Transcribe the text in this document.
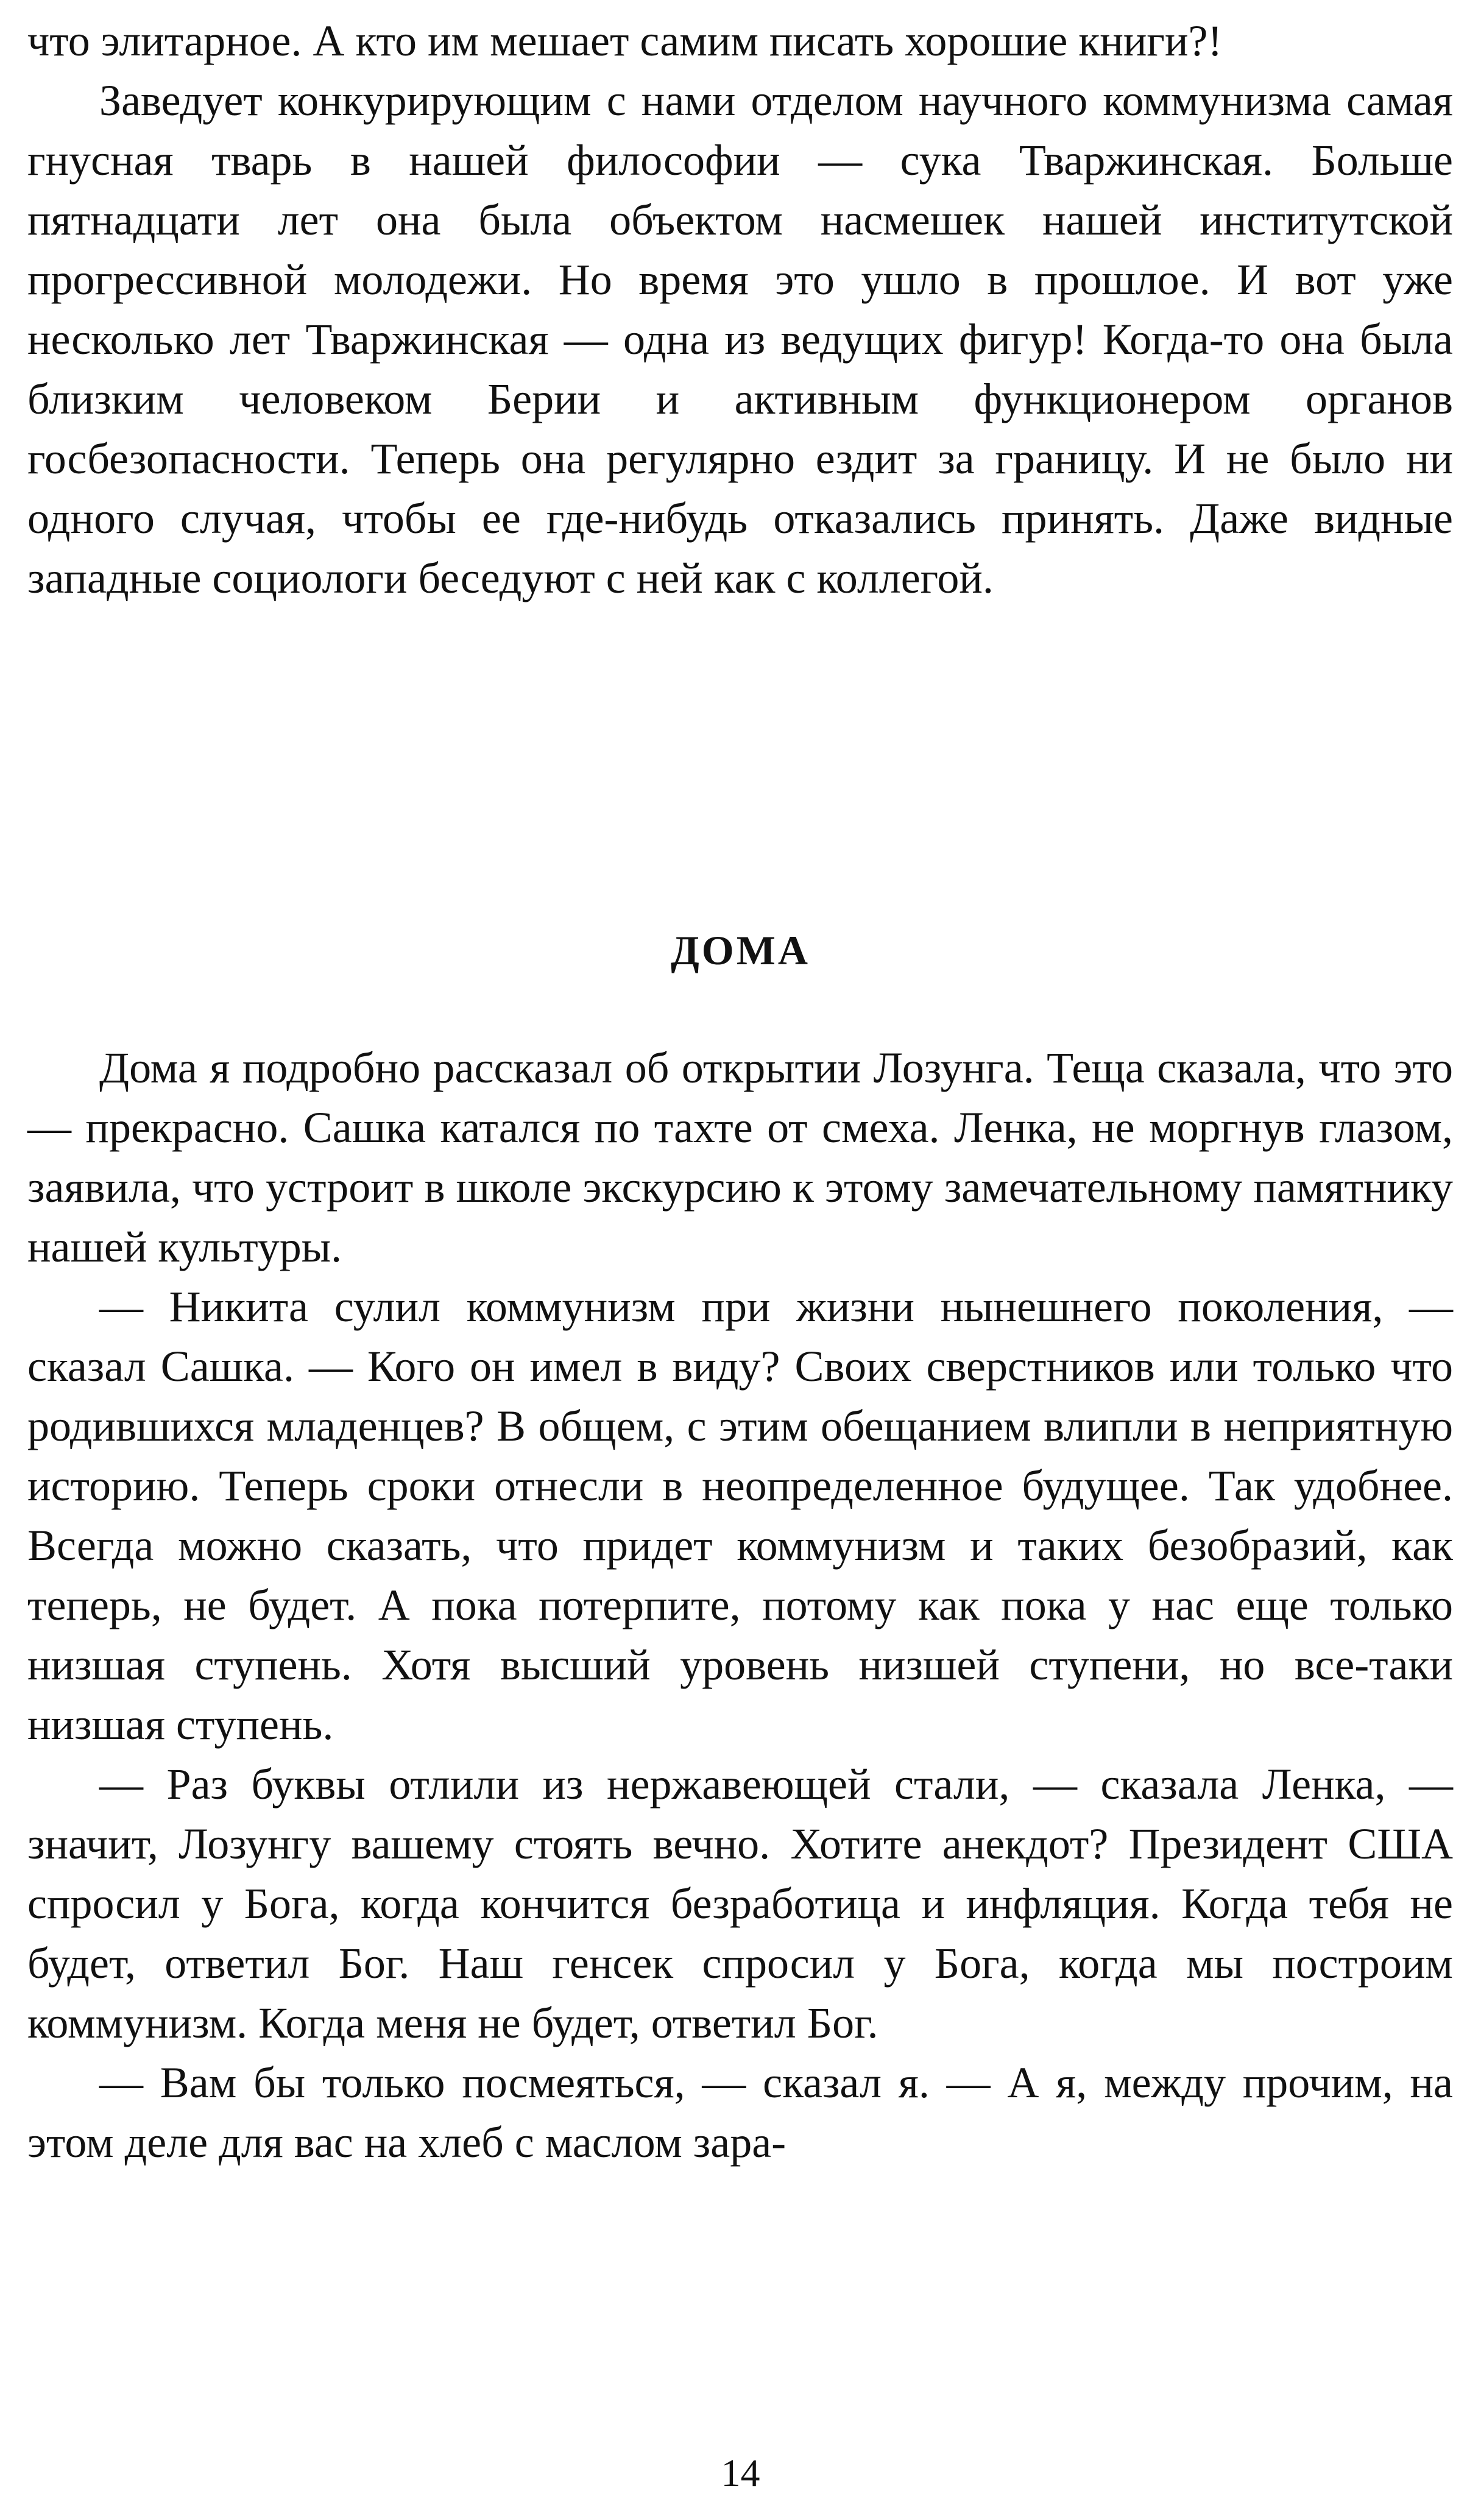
что элитарное. А кто им мешает самим писать хорошие книги?!

Заведует конкурирующим с нами отделом научного коммунизма самая гнусная тварь в нашей философии — сука Тваржинская. Больше пятнадцати лет она была объектом насмешек нашей институтской прогрессивной молодежи. Но время это ушло в прошлое. И вот уже несколько лет Тваржинская — одна из ведущих фигур! Когда-то она была близким человеком Берии и активным функционером органов госбезопасности. Теперь она регулярно ездит за границу. И не было ни одного случая, чтобы ее где-нибудь отказались принять. Даже видные западные социологи беседуют с ней как с коллегой.

ДОМА

Дома я подробно рассказал об открытии Лозунга. Теща сказала, что это — прекрасно. Сашка катался по тахте от смеха. Ленка, не моргнув глазом, заявила, что устроит в школе экскурсию к этому замечательному памятнику нашей культуры.

— Никита сулил коммунизм при жизни нынешнего поколения, — сказал Сашка. — Кого он имел в виду? Своих сверстников или только что родившихся младенцев? В общем, с этим обещанием влипли в неприятную историю. Теперь сроки отнесли в неопределенное будущее. Так удобнее. Всегда можно сказать, что придет коммунизм и таких безобразий, как теперь, не будет. А пока потерпите, потому как пока у нас еще только низшая ступень. Хотя высший уровень низшей ступени, но все-таки низшая ступень.

— Раз буквы отлили из нержавеющей стали, — сказала Ленка, — значит, Лозунгу вашему стоять вечно. Хотите анекдот? Президент США спросил у Бога, когда кончится безработица и инфляция. Когда тебя не будет, ответил Бог. Наш генсек спросил у Бога, когда мы построим коммунизм. Когда меня не будет, ответил Бог.

— Вам бы только посмеяться, — сказал я. — А я, между прочим, на этом деле для вас на хлеб с маслом зара-

14
